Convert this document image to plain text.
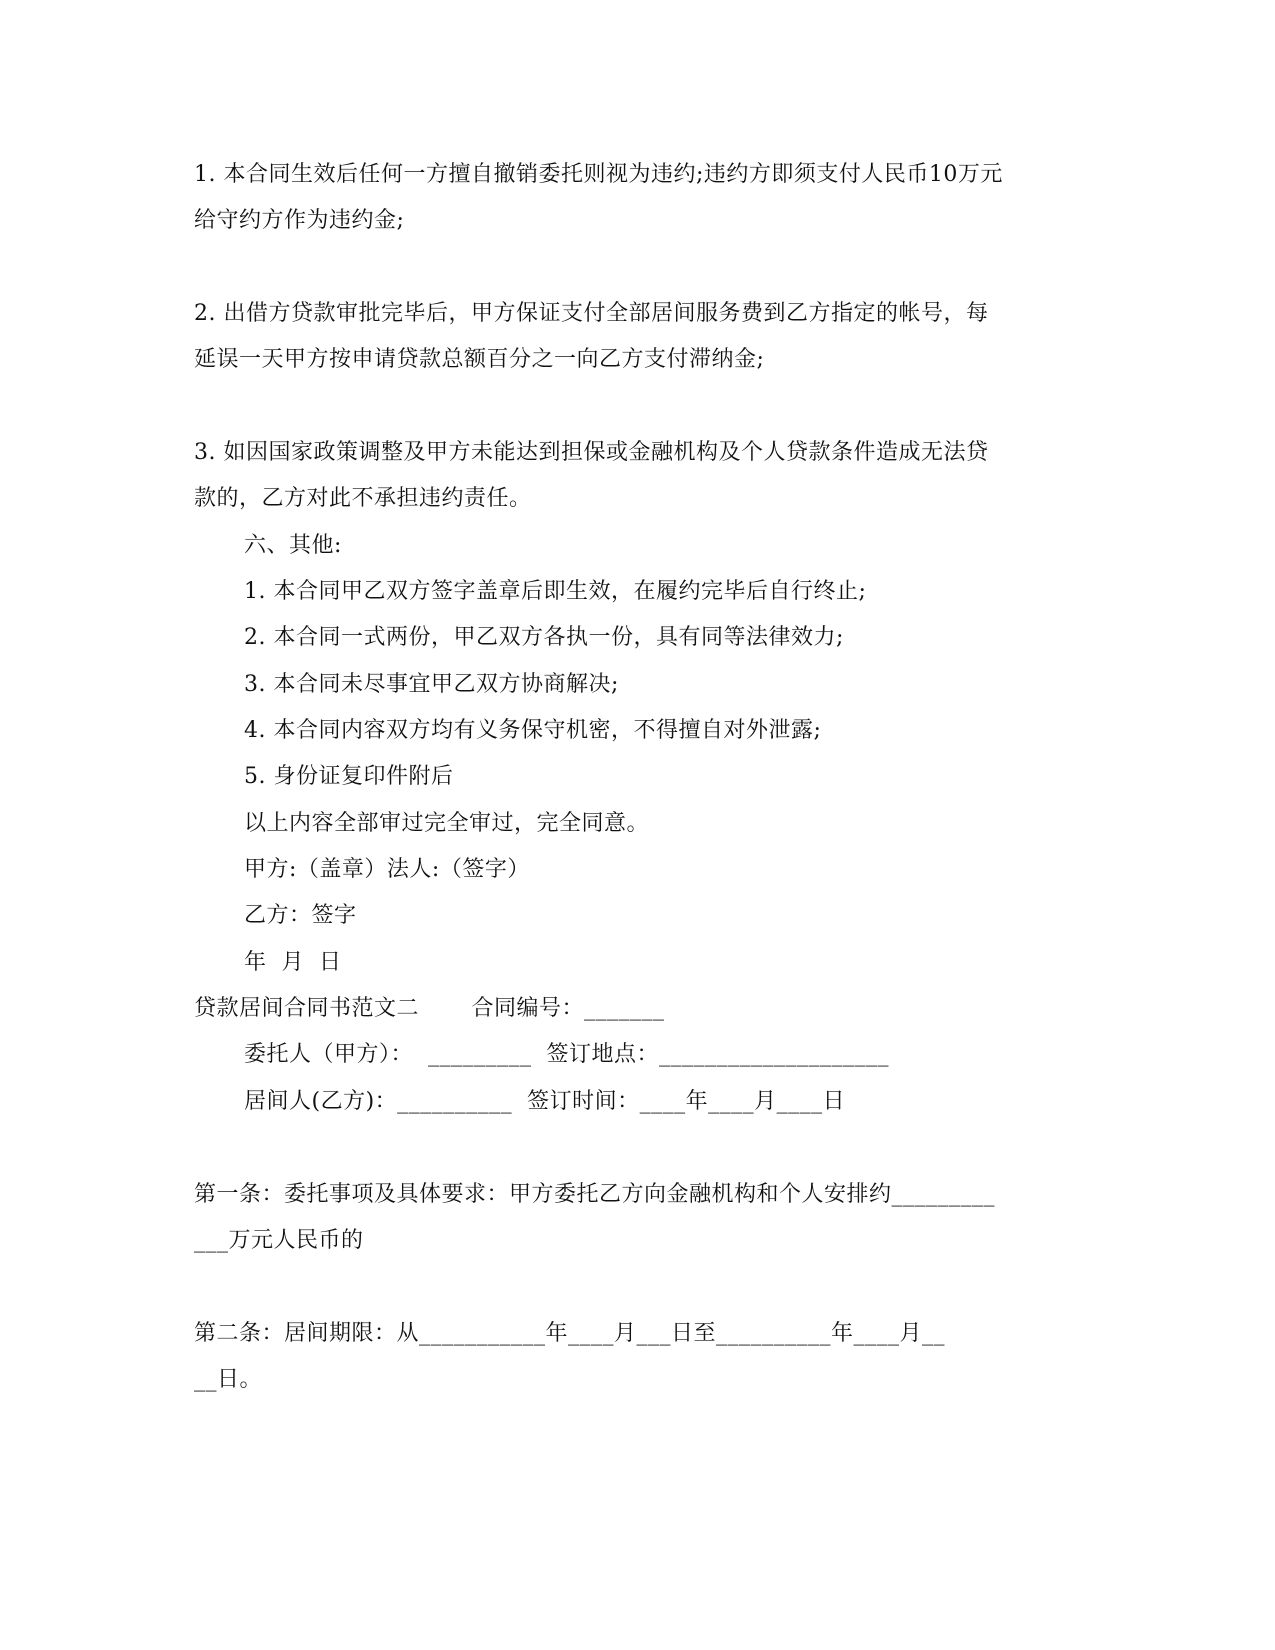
1. 本合同生效后任何一方擅自撤销委托则视为违约;违约方即须支付人民币10万元
给守约方作为违约金;
2. 出借方贷款审批完毕后，甲方保证支付全部居间服务费到乙方指定的帐号，每
延误一天甲方按申请贷款总额百分之一向乙方支付滞纳金;
3. 如因国家政策调整及甲方未能达到担保或金融机构及个人贷款条件造成无法贷
款的，乙方对此不承担违约责任。
六、其他:
1. 本合同甲乙双方签字盖章后即生效，在履约完毕后自行终止;
2. 本合同一式两份，甲乙双方各执一份，具有同等法律效力;
3. 本合同未尽事宜甲乙双方协商解决;
4. 本合同内容双方均有义务保守机密，不得擅自对外泄露;
5. 身份证复印件附后
以上内容全部审过完全审过，完全同意。
甲方:（盖章）法人:（签字）
乙方：签字
年  月  日
贷款居间合同书范文二       合同编号：_______
委托人（甲方）：  _________  签订地点：____________________
居间人(乙方)：__________  签订时间：____年____月____日
第一条：委托事项及具体要求：甲方委托乙方向金融机构和个人安排约_________
___万元人民币的
第二条：居间期限：从___________年____月___日至__________年____月__
__日。
